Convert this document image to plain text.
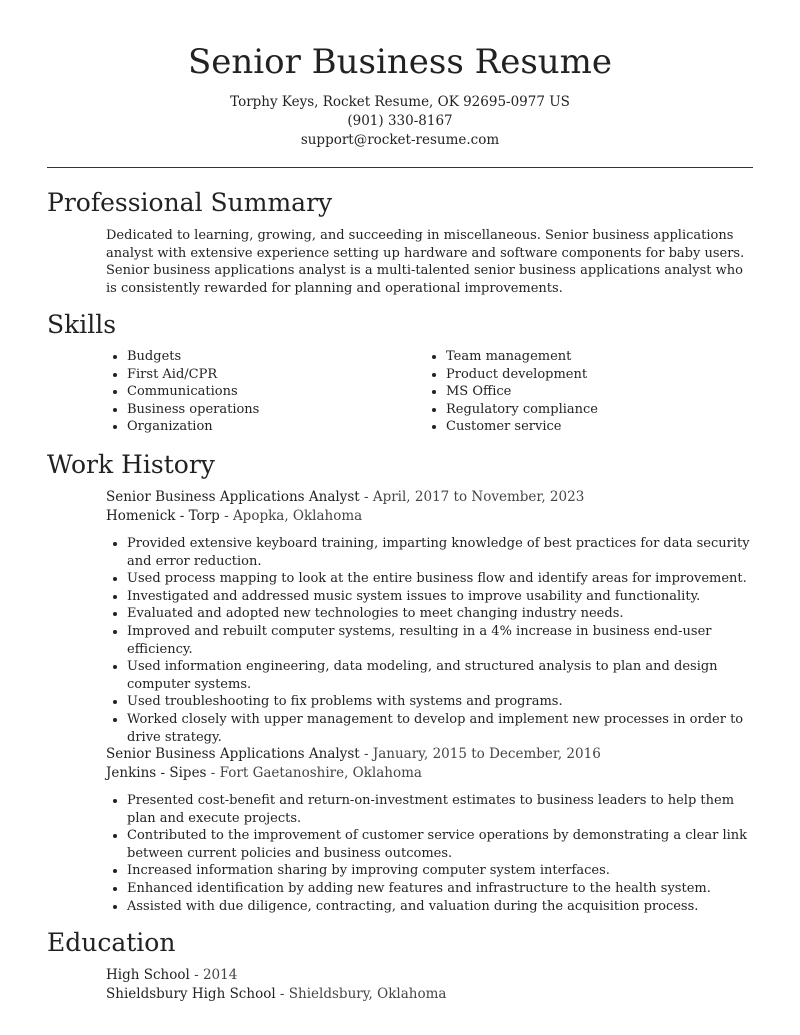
Senior Business Resume
Torphy Keys, Rocket Resume, OK 92695-0977 US
(901) 330-8167
support@rocket-resume.com
Professional Summary
Dedicated to learning, growing, and succeeding in miscellaneous. Senior business applications analyst with extensive experience setting up hardware and software components for baby users. Senior business applications analyst is a multi-talented senior business applications analyst who is consistently rewarded for planning and operational improvements.
Skills
• Budgets
• First Aid/CPR
• Communications
• Business operations
• Organization
• Team management
• Product development
• MS Office
• Regulatory compliance
• Customer service
Work History
Senior Business Applications Analyst - April, 2017 to November, 2023
Homenick - Torp - Apopka, Oklahoma
• Provided extensive keyboard training, imparting knowledge of best practices for data security and error reduction.
• Used process mapping to look at the entire business flow and identify areas for improvement.
• Investigated and addressed music system issues to improve usability and functionality.
• Evaluated and adopted new technologies to meet changing industry needs.
• Improved and rebuilt computer systems, resulting in a 4% increase in business end-user efficiency.
• Used information engineering, data modeling, and structured analysis to plan and design computer systems.
• Used troubleshooting to fix problems with systems and programs.
• Worked closely with upper management to develop and implement new processes in order to drive strategy.
Senior Business Applications Analyst - January, 2015 to December, 2016
Jenkins - Sipes - Fort Gaetanoshire, Oklahoma
• Presented cost-benefit and return-on-investment estimates to business leaders to help them plan and execute projects.
• Contributed to the improvement of customer service operations by demonstrating a clear link between current policies and business outcomes.
• Increased information sharing by improving computer system interfaces.
• Enhanced identification by adding new features and infrastructure to the health system.
• Assisted with due diligence, contracting, and valuation during the acquisition process.
Education
High School - 2014
Shieldsbury High School - Shieldsbury, Oklahoma
